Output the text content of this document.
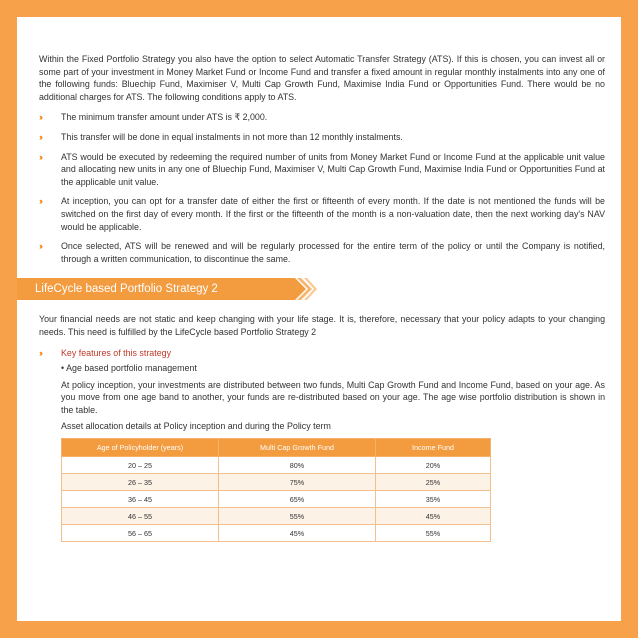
Within the Fixed Portfolio Strategy you also have the option to select Automatic Transfer Strategy (ATS). If this is chosen, you can invest all or some part of your investment in Money Market Fund or Income Fund and transfer a fixed amount in regular monthly instalments into any one of the following funds: Bluechip Fund, Maximiser V, Multi Cap Growth Fund, Maximise India Fund or Opportunities Fund. There would be no additional charges for ATS. The following conditions apply to ATS.

›› The minimum transfer amount under ATS is ₹ 2,000.

›› This transfer will be done in equal instalments in not more than 12 monthly instalments.

›› ATS would be executed by redeeming the required number of units from Money Market Fund or Income Fund at the applicable unit value and allocating new units in any one of Bluechip Fund, Maximiser V, Multi Cap Growth Fund, Maximise India Fund or Opportunities Fund at the applicable unit value.

›› At inception, you can opt for a transfer date of either the first or fifteenth of every month. If the date is not mentioned the funds will be switched on the first day of every month. If the first or the fifteenth of the month is a non-valuation date, then the next working day's NAV would be applicable.

›› Once selected, ATS will be renewed and will be regularly processed for the entire term of the policy or until the Company is notified, through a written communication, to discontinue the same.

LifeCycle based Portfolio Strategy 2

Your financial needs are not static and keep changing with your life stage. It is, therefore, necessary that your policy adapts to your changing needs. This need is fulfilled by the LifeCycle based Portfolio Strategy 2

›› Key features of this strategy

• Age based portfolio management

At policy inception, your investments are distributed between two funds, Multi Cap Growth Fund and Income Fund, based on your age. As you move from one age band to another, your funds are re-distributed based on your age. The age wise portfolio distribution is shown in the table.

Asset allocation details at Policy inception and during the Policy term

Age of Policyholder (years)	Multi Cap Growth Fund	Income Fund
20 – 25	80%	20%
26 – 35	75%	25%
36 – 45	65%	35%
46 – 55	55%	45%
56 – 65	45%	55%
